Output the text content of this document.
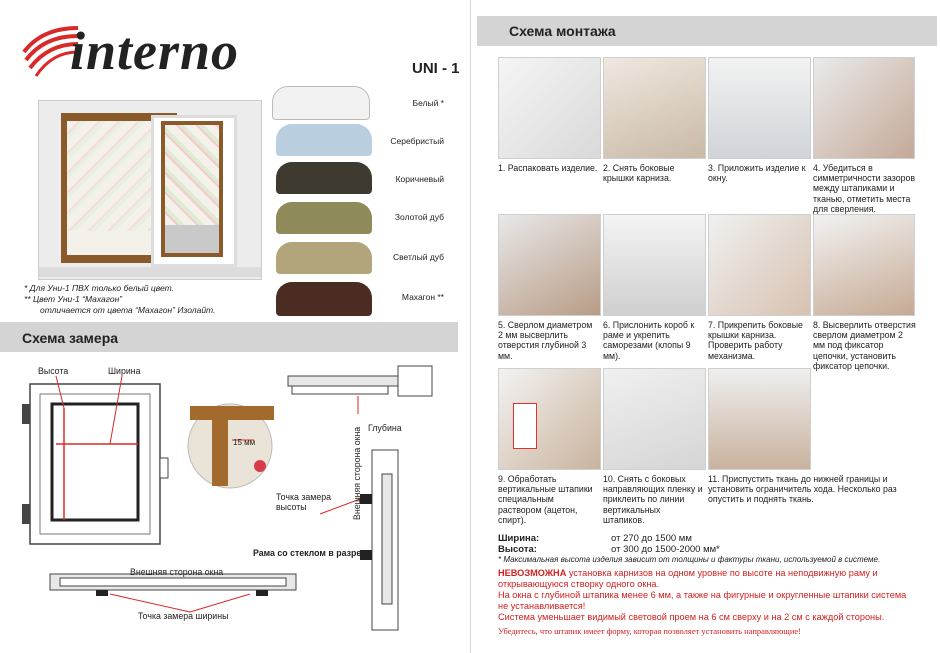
interno	UNI - 1
Белый *
Серебристый
Коричневый
Золотой дуб
Светлый дуб
Махагон **
* Для Уни-1 ПВХ только белый цвет.
** Цвет Уни-1 “Махагон”
отличается от цвета “Махагон” Изолайт.
Схема замера
Высота	Ширина
15 мм
Глубина
Точка замера высоты
Рама со стеклом в разрезе
Внешняя сторона окна
Точка замера ширины
Внешняя сторона окна
Схема монтажа
1. Распаковать изделие. 2. Снять боковые крышки карниза.
3. Приложить изделие к окну.
4. Убедиться в симметричности зазоров между штапиками и тканью, отметить места для сверления.
5. Сверлом диаметром 2 мм высверлить отверстия глубиной 3 мм.
6. Прислонить короб к раме и укрепить саморезами (клопы 9 мм).
7. Прикрепить боковые крышки карниза. Проверить работу механизма.
8. Высверлить отверстия сверлом диаметром 2 мм под фиксатор цепочки, установить фиксатор цепочки.
9. Обработать вертикальные штапики специальным раствором (ацетон, спирт).
10. Снять с боковых направляющих пленку и приклеить по линии вертикальных штапиков.
11. Приспустить ткань до нижней границы и установить ограничитель хода. Несколько раз опустить и поднять ткань.
Ширина:	от 270 до 1500 мм
Высота:	от 300 до 1500-2000 мм*
* Максимальная высота изделия зависит от толщины и фактуры ткани, используемой в системе.
НЕВОЗМОЖНА установка карнизов на одном уровне по высоте на неподвижную раму и открывающуюся створку одного окна.
На окна с глубиной штапика менее 6 мм, а также на фигурные и округленные штапики система не устанавливается!
Система уменьшает видимый световой проем на 6 см сверху и на 2 см с каждой стороны.
Убедитесь, что штапик имеет форму, которая позволяет установить направляющие!
